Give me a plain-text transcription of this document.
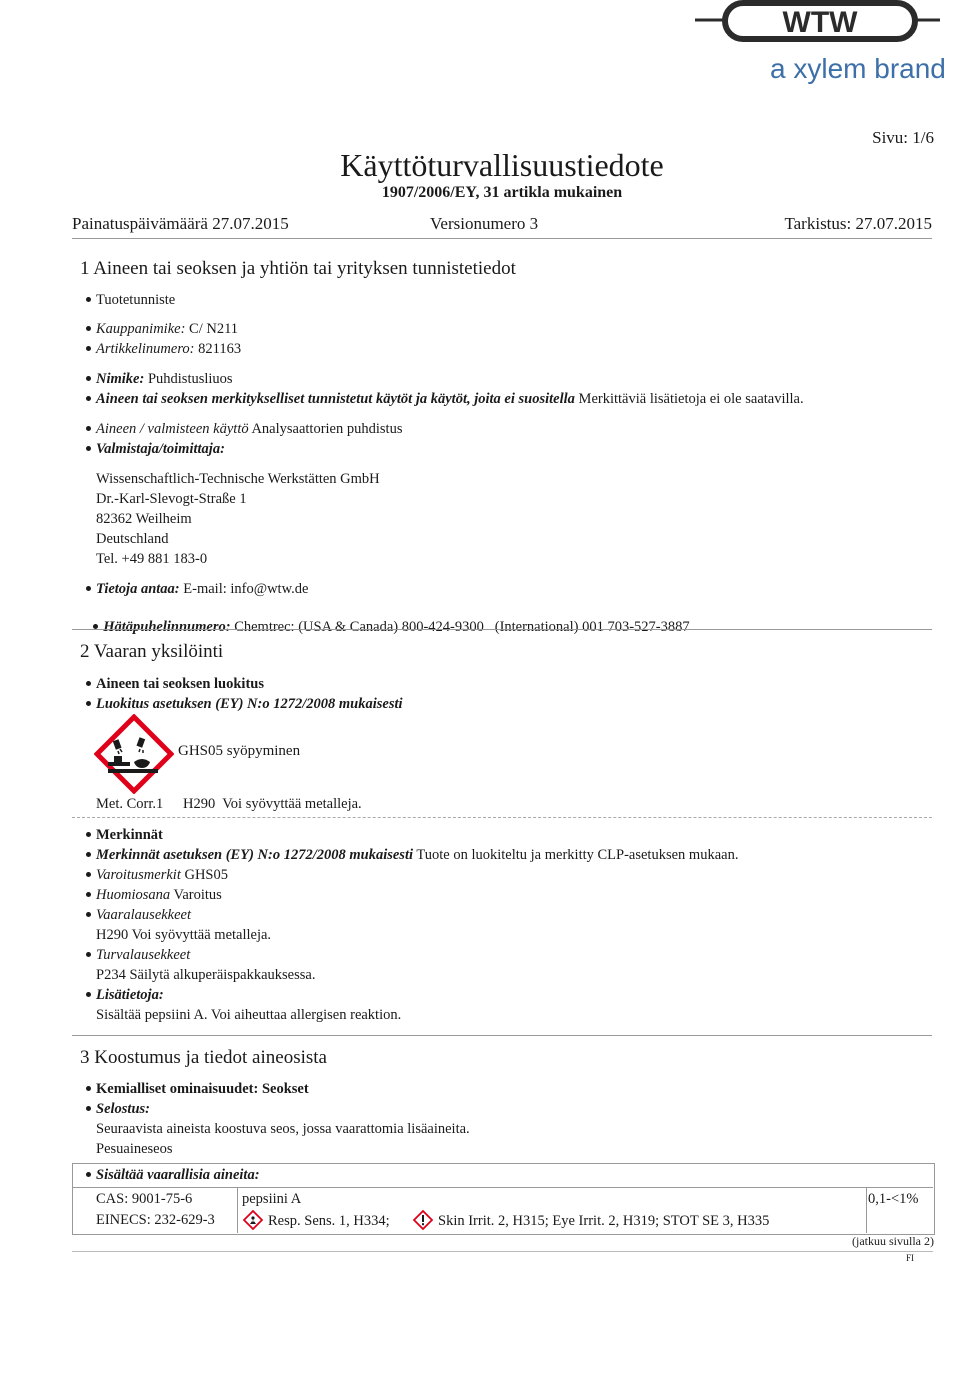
WTW
a xylem brand
Sivu: 1/6
Käyttöturvallisuustiedote
1907/2006/EY, 31 artikla mukainen
Painatuspäivämäärä 27.07.2015	Versionumero 3	Tarkistus: 27.07.2015
1 Aineen tai seoksen ja yhtiön tai yrityksen tunnistetiedot
Tuotetunniste
Kauppanimike: C/ N211
Artikkelinumero: 821163
Nimike: Puhdistusliuos
Aineen tai seoksen merkitykselliset tunnistetut käytöt ja käytöt, joita ei suositella Merkittäviä lisätietoja ei ole saatavilla.
Aineen / valmisteen käyttö Analysaattorien puhdistus
Valmistaja/toimittaja:
Wissenschaftlich-Technische Werkstätten GmbH
Dr.-Karl-Slevogt-Straße 1
82362 Weilheim
Deutschland
Tel. +49 881 183-0
Tietoja antaa: E-mail: info@wtw.de

Hätäpuhelinnumero: Chemtrec: (USA & Canada) 800-424-9300   (International) 001 703-527-3887

2 Vaaran yksilöinti
Aineen tai seoksen luokitus
Luokitus asetuksen (EY) N:o 1272/2008 mukaisesti
GHS05 syöpyminen
Met. Corr.1 H290  Voi syövyttää metalleja.
Merkinnät
Merkinnät asetuksen (EY) N:o 1272/2008 mukaisesti Tuote on luokiteltu ja merkitty CLP-asetuksen mukaan.
Varoitusmerkit GHS05
Huomiosana Varoitus
Vaaralausekkeet
H290 Voi syövyttää metalleja.
Turvalausekkeet
P234 Säilytä alkuperäispakkauksessa.
Lisätietoja:
Sisältää pepsiini A. Voi aiheuttaa allergisen reaktion.
3 Koostumus ja tiedot aineosista
Kemialliset ominaisuudet: Seokset
Selostus:
Seuraavista aineista koostuva seos, jossa vaarattomia lisäaineita.
Pesuaineseos
Sisältää vaarallisia aineita:
CAS: 9001-75-6
EINECS: 232-629-3
pepsiini A
Resp. Sens. 1, H334;	Skin Irrit. 2, H315; Eye Irrit. 2, H319; STOT SE 3, H335
0,1-<1%
(jatkuu sivulla 2)
FI
